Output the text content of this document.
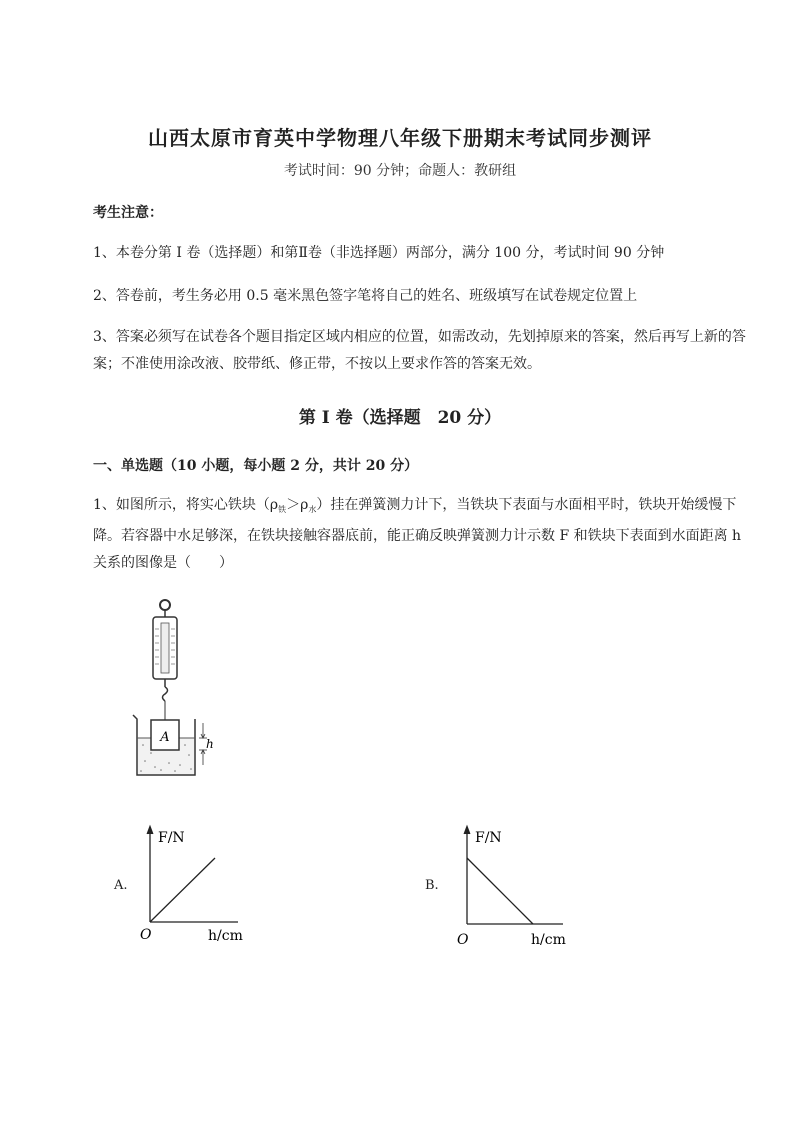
山西太原市育英中学物理八年级下册期末考试同步测评
考试时间：90 分钟；命题人：教研组
考生注意：
1、本卷分第 I 卷（选择题）和第Ⅱ卷（非选择题）两部分，满分 100 分，考试时间 90 分钟
2、答卷前，考生务必用 0.5 毫米黑色签字笔将自己的姓名、班级填写在试卷规定位置上
3、答案必须写在试卷各个题目指定区域内相应的位置，如需改动，先划掉原来的答案，然后再写上新的答案；不准使用涂改液、胶带纸、修正带，不按以上要求作答的答案无效。
第 I 卷（选择题　20 分）
一、单选题（10 小题，每小题 2 分，共计 20 分）
1、如图所示，将实心铁块$(\rho_铁>\rho_水)$挂在弹簧测力计下，当铁块下表面与水面相平时，铁块开始缓慢下降。若容器中水足够深，在铁块接触容器底前，能正确反映弹簧测力计示数 F 和铁块下表面到水面距离 h 关系的图像是（　　）
A	h
A.
F/N
O	h/cm
B.
F/N
O	h/cm
